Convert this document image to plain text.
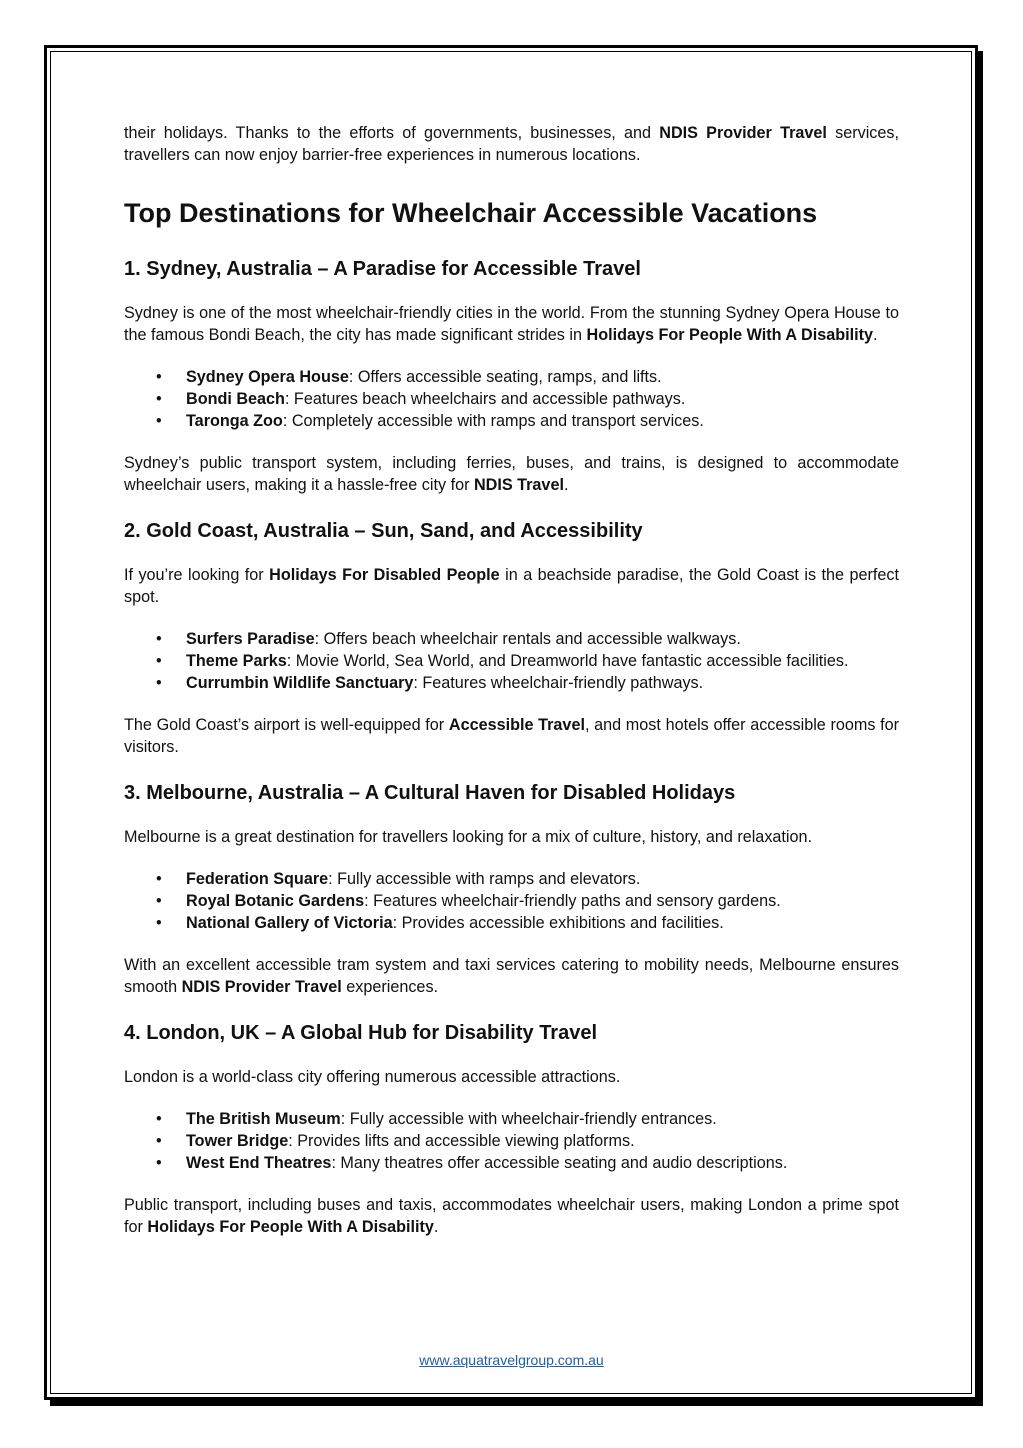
their holidays. Thanks to the efforts of governments, businesses, and NDIS Provider Travel services, travellers can now enjoy barrier-free experiences in numerous locations.

Top Destinations for Wheelchair Accessible Vacations
1. Sydney, Australia – A Paradise for Accessible Travel

Sydney is one of the most wheelchair-friendly cities in the world. From the stunning Sydney Opera House to the famous Bondi Beach, the city has made significant strides in Holidays For People With A Disability.

• Sydney Opera House: Offers accessible seating, ramps, and lifts.
• Bondi Beach: Features beach wheelchairs and accessible pathways.
• Taronga Zoo: Completely accessible with ramps and transport services.

Sydney’s public transport system, including ferries, buses, and trains, is designed to accommodate wheelchair users, making it a hassle-free city for NDIS Travel.

2. Gold Coast, Australia – Sun, Sand, and Accessibility

If you’re looking for Holidays For Disabled People in a beachside paradise, the Gold Coast is the perfect spot.

• Surfers Paradise: Offers beach wheelchair rentals and accessible walkways.
• Theme Parks: Movie World, Sea World, and Dreamworld have fantastic accessible facilities.
• Currumbin Wildlife Sanctuary: Features wheelchair-friendly pathways.

The Gold Coast’s airport is well-equipped for Accessible Travel, and most hotels offer accessible rooms for visitors.

3. Melbourne, Australia – A Cultural Haven for Disabled Holidays

Melbourne is a great destination for travellers looking for a mix of culture, history, and relaxation.

• Federation Square: Fully accessible with ramps and elevators.
• Royal Botanic Gardens: Features wheelchair-friendly paths and sensory gardens.
• National Gallery of Victoria: Provides accessible exhibitions and facilities.

With an excellent accessible tram system and taxi services catering to mobility needs, Melbourne ensures smooth NDIS Provider Travel experiences.

4. London, UK – A Global Hub for Disability Travel

London is a world-class city offering numerous accessible attractions.

• The British Museum: Fully accessible with wheelchair-friendly entrances.
• Tower Bridge: Provides lifts and accessible viewing platforms.
• West End Theatres: Many theatres offer accessible seating and audio descriptions.

Public transport, including buses and taxis, accommodates wheelchair users, making London a prime spot for Holidays For People With A Disability.

www.aquatravelgroup.com.au
